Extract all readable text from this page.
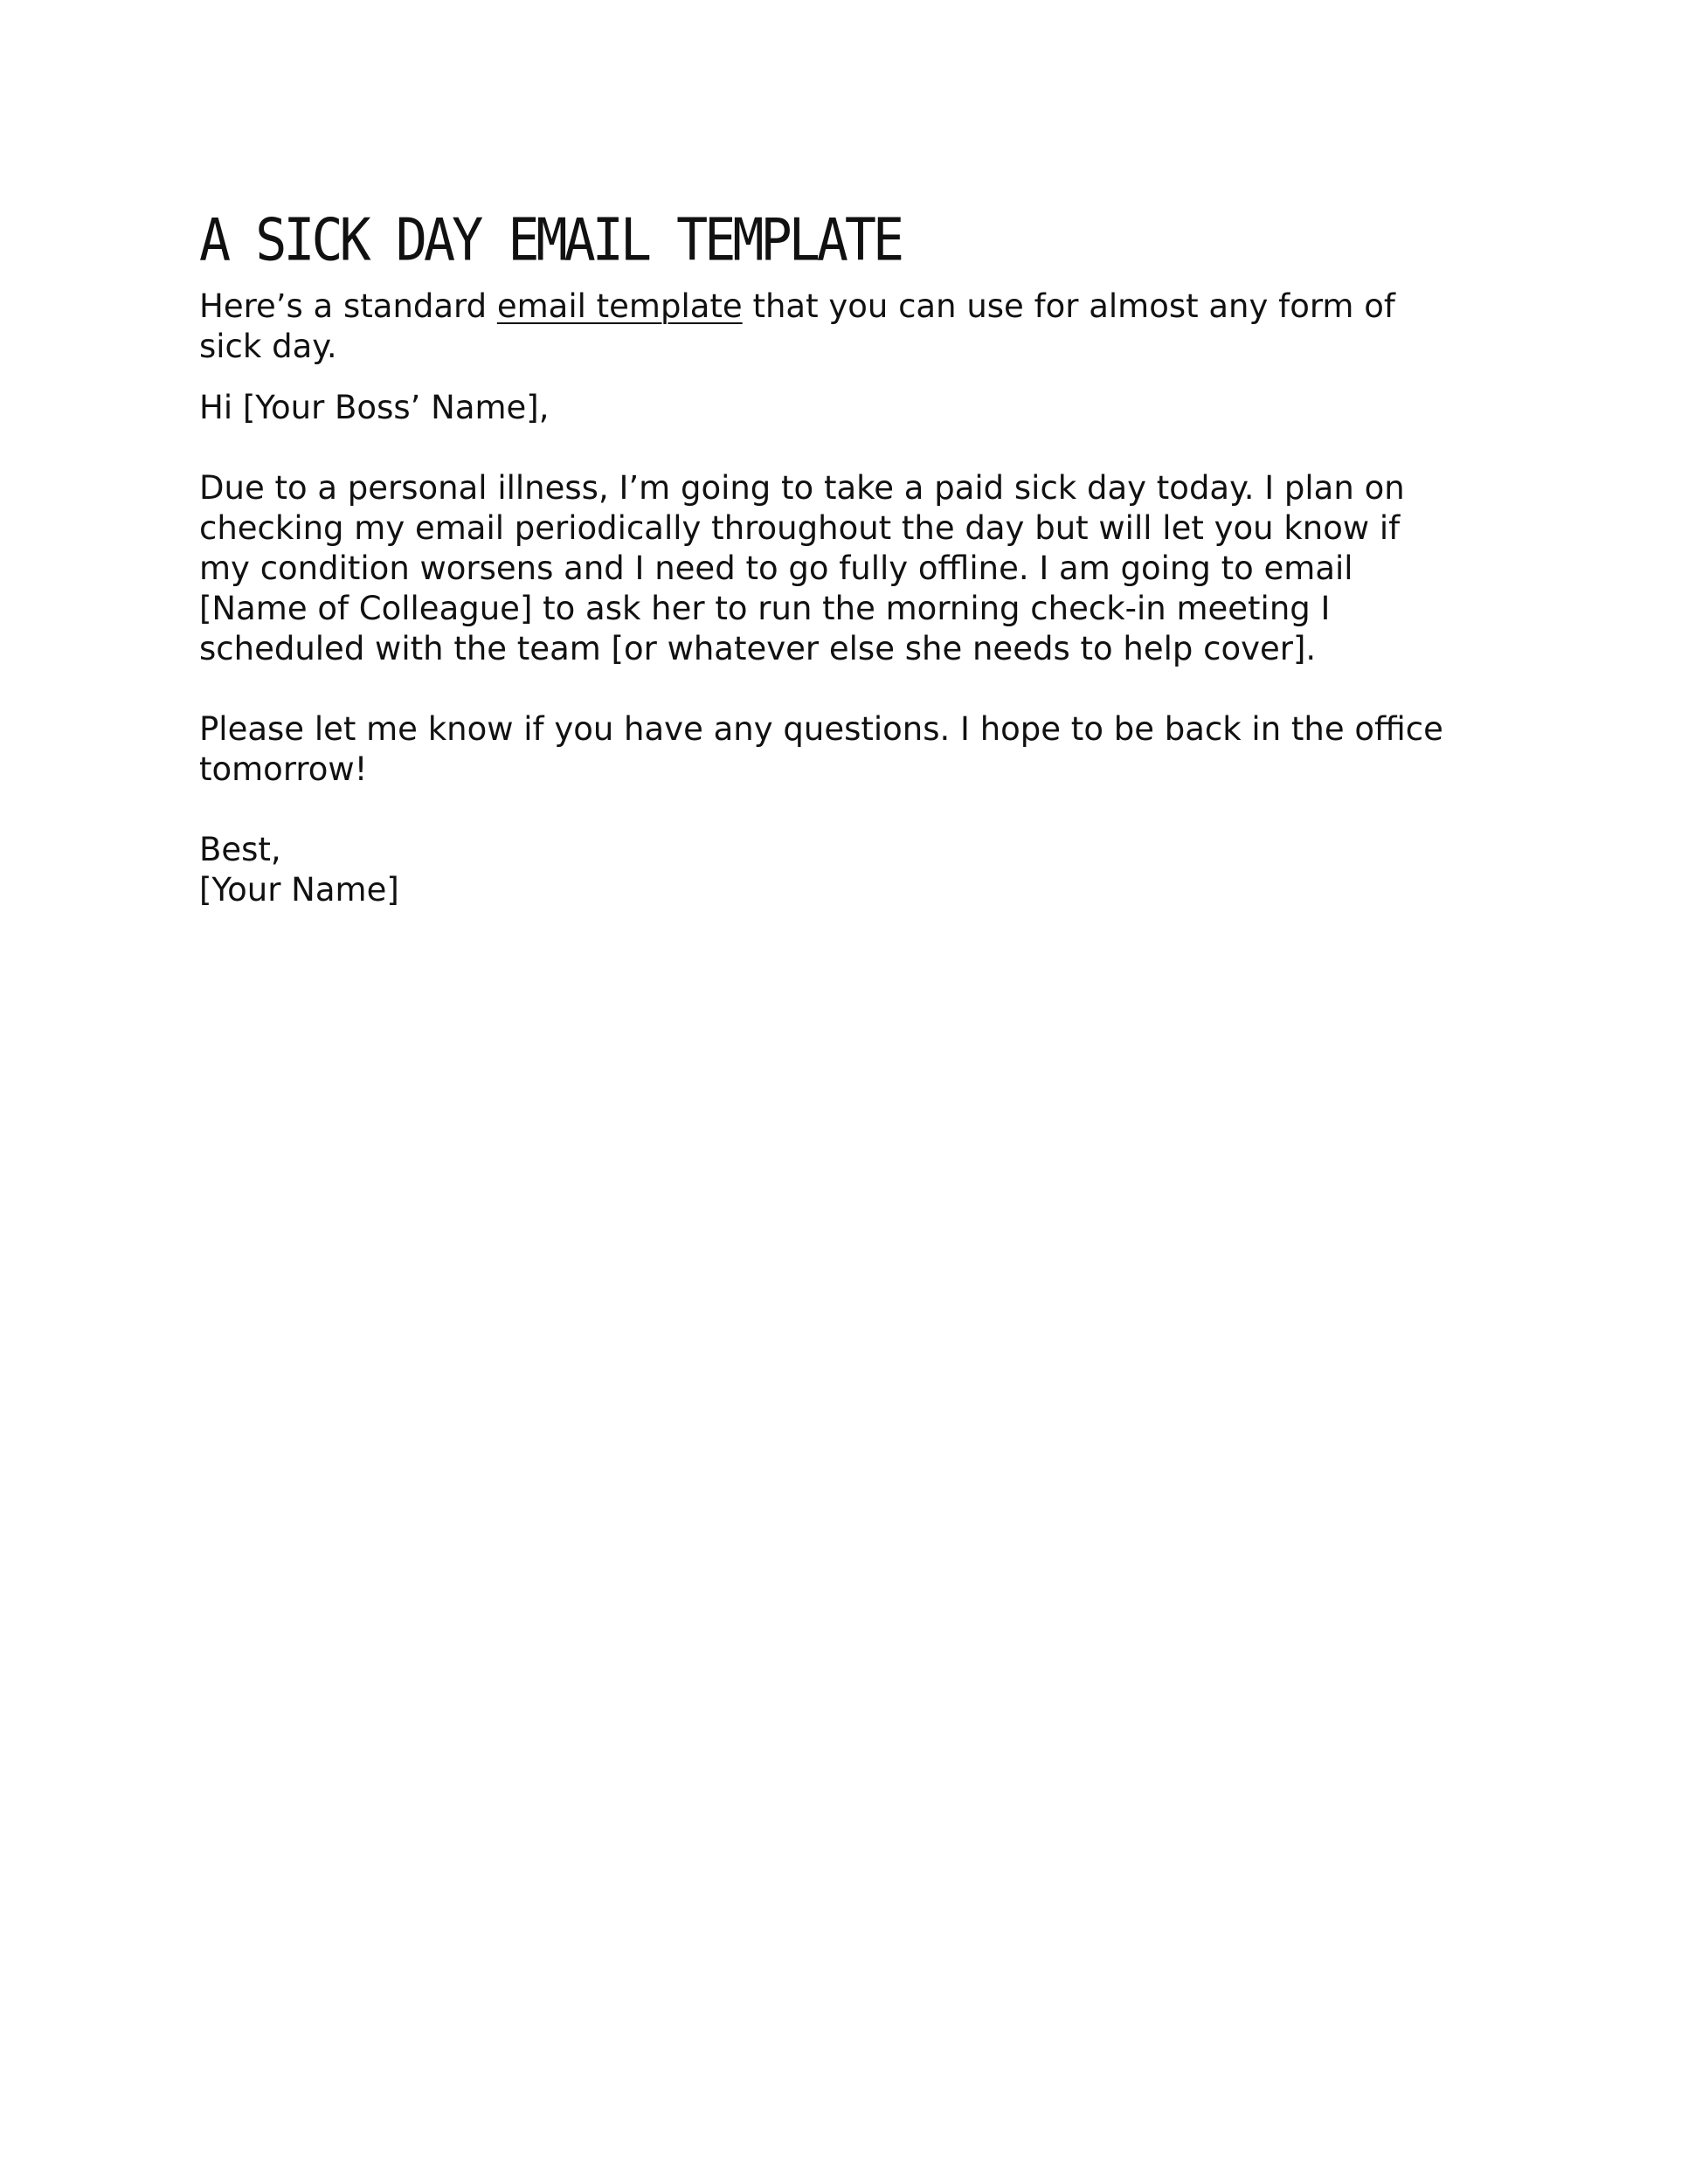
A SICK DAY EMAIL TEMPLATE
Here’s a standard email template that you can use for almost any form of
sick day.

Hi [Your Boss’ Name],

Due to a personal illness, I’m going to take a paid sick day today. I plan on
checking my email periodically throughout the day but will let you know if
my condition worsens and I need to go fully offline. I am going to email
[Name of Colleague] to ask her to run the morning check-in meeting I
scheduled with the team [or whatever else she needs to help cover].

Please let me know if you have any questions. I hope to be back in the office
tomorrow!

Best,
[Your Name]
